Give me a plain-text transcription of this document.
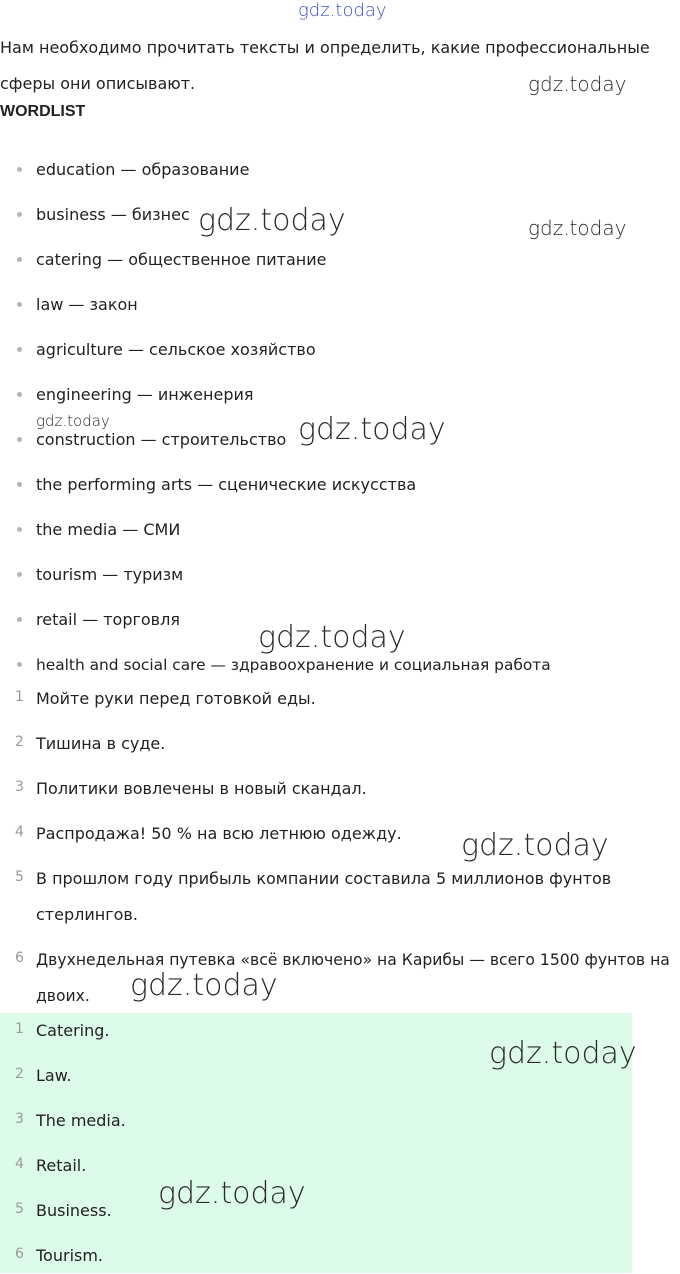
gdz.today
Нам необходимо прочитать тексты и определить, какие профессиональные сферы они описывают.
WORDLIST
education — образование
business — бизнес
catering — общественное питание
law — закон
agriculture — сельское хозяйство
engineering — инженерия
construction — строительство
the performing arts — сценические искусства
the media — СМИ
tourism — туризм
retail — торговля
health and social care — здравоохранение и социальная работа
1 Мойте руки перед готовкой еды.
2 Тишина в суде.
3 Политики вовлечены в новый скандал.
4 Распродажа! 50 % на всю летнюю одежду.
5 В прошлом году прибыль компании составила 5 миллионов фунтов стерлингов.
6 Двухнедельная путевка «всё включено» на Карибы — всего 1500 фунтов на двоих.
1 Catering.
2 Law.
3 The media.
4 Retail.
5 Business.
6 Tourism.
gdz.today
gdz.today	gdz.today
gdz.today	gdz.today
gdz.today
gdz.today
gdz.today
gdz.today
gdz.today
